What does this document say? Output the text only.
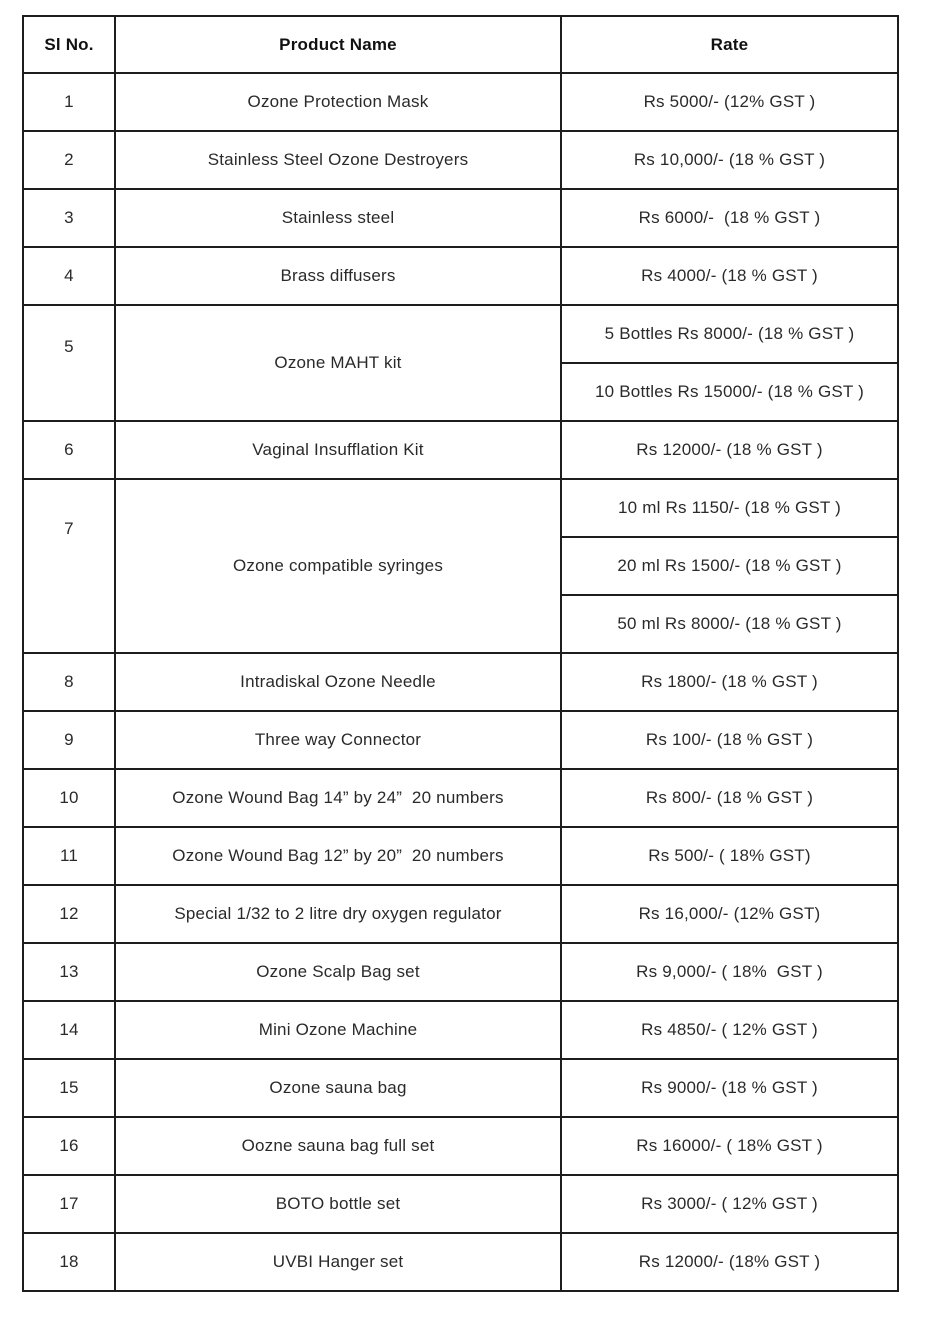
Sl No.	Product Name	Rate
1	Ozone Protection Mask	Rs 5000/- (12% GST )
2	Stainless Steel Ozone Destroyers	Rs 10,000/- (18 % GST )
3	Stainless steel	Rs 6000/-  (18 % GST )
4	Brass diffusers	Rs 4000/- (18 % GST )
5	Ozone MAHT kit	5 Bottles Rs 8000/- (18 % GST )
		10 Bottles Rs 15000/- (18 % GST )
6	Vaginal Insufflation Kit	Rs 12000/- (18 % GST )
7	Ozone compatible syringes	10 ml Rs 1150/- (18 % GST )
		20 ml Rs 1500/- (18 % GST )
		50 ml Rs 8000/- (18 % GST )
8	Intradiskal Ozone Needle	Rs 1800/- (18 % GST )
9	Three way Connector	Rs 100/- (18 % GST )
10	Ozone Wound Bag 14” by 24”  20 numbers	Rs 800/- (18 % GST )
11	Ozone Wound Bag 12” by 20”  20 numbers	Rs 500/- ( 18% GST)
12	Special 1/32 to 2 litre dry oxygen regulator	Rs 16,000/- (12% GST)
13	Ozone Scalp Bag set	Rs 9,000/- ( 18%  GST )
14	Mini Ozone Machine	Rs 4850/- ( 12% GST )
15	Ozone sauna bag	Rs 9000/- (18 % GST )
16	Oozne sauna bag full set	Rs 16000/- ( 18% GST )
17	BOTO bottle set	Rs 3000/- ( 12% GST )
18	UVBI Hanger set	Rs 12000/- (18% GST )
